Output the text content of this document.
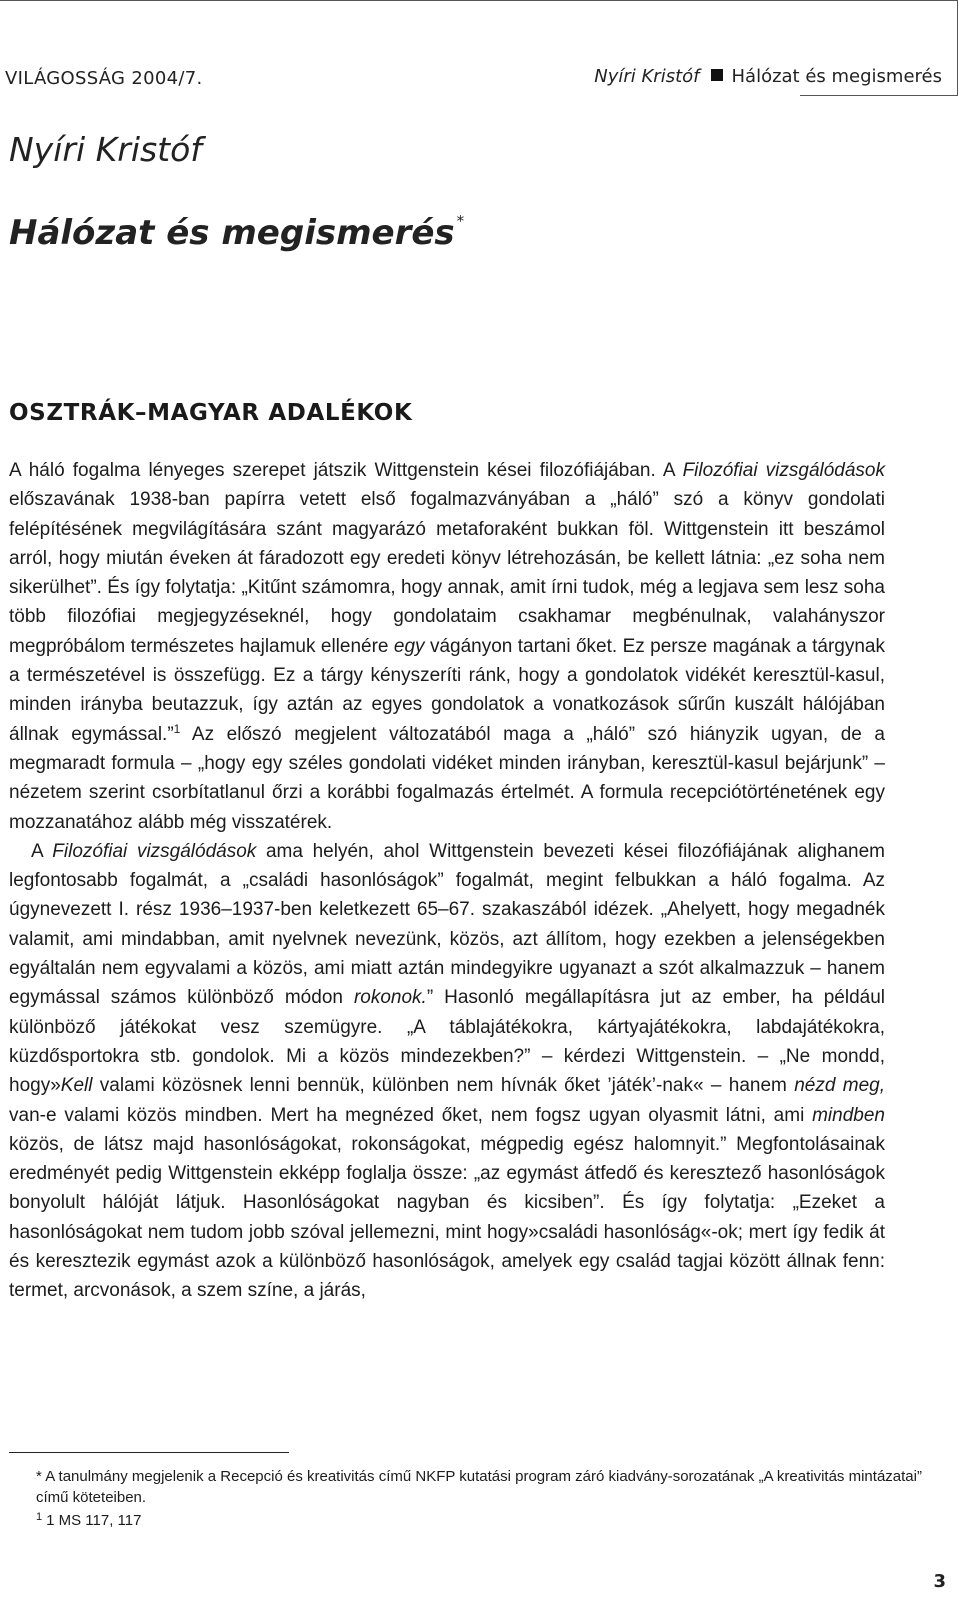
VILÁGOSSÁG 2004/7.	Nyíri Kristóf Hálózat és megismerés
Nyíri Kristóf
Hálózat és megismerés *
OSZTRÁK–MAGYAR ADALÉKOK

A háló fogalma lényeges szerepet játszik Wittgenstein kései filozófiájában. A Filozófiai vizsgálódások előszavának 1938-ban papírra vetett első fogalmazványában a „háló” szó a könyv gondolati felépítésének megvilágítására szánt magyarázó metaforaként bukkan föl. Wittgenstein itt beszámol arról, hogy miután éveken át fáradozott egy eredeti könyv létrehozásán, be kellett látnia: „ez soha nem sikerülhet”. És így folytatja: „Kitűnt számomra, hogy annak, amit írni tudok, még a legjava sem lesz soha több filozófiai megjegyzéseknél, hogy gondolataim csakhamar megbénulnak, valahányszor megpróbálom természetes hajlamuk ellenére egy vágányon tartani őket. Ez persze magának a tárgynak a természetével is összefügg. Ez a tárgy kényszeríti ránk, hogy a gondolatok vidékét keresztül-kasul, minden irányba beutazzuk, így aztán az egyes gondolatok a vonatkozások sűrűn kuszált hálójában állnak egymással.”$^1$ Az előszó megjelent változatából maga a „háló” szó hiányzik ugyan, de a megmaradt formula – „hogy egy széles gondolati vidéket minden irányban, keresztül-kasul bejárjunk” – nézetem szerint csorbítatlanul őrzi a korábbi fogalmazás értelmét. A formula recepciótörténetének egy mozzanatához alább még visszatérek.

A Filozófiai vizsgálódások ama helyén, ahol Wittgenstein bevezeti kései filozófiájának alighanem legfontosabb fogalmát, a „családi hasonlóságok” fogalmát, megint felbukkan a háló fogalma. Az úgynevezett I. rész 1936–1937-ben keletkezett 65–67. szakaszából idézek. „Ahelyett, hogy megadnék valamit, ami mindabban, amit nyelvnek nevezünk, közös, azt állítom, hogy ezekben a jelenségekben egyáltalán nem egyvalami a közös, ami miatt aztán mindegyikre ugyanazt a szót alkalmazzuk – hanem egymással számos különböző módon rokonok.” Hasonló megállapításra jut az ember, ha például különböző játékokat vesz szemügyre. „A táblajátékokra, kártyajátékokra, labdajátékokra, küzdősportokra stb. gondolok. Mi a közös mindezekben?” – kérdezi Wittgenstein. – „Ne mondd, hogy»Kell valami közösnek lenni bennük, különben nem hívnák őket ’játék’-nak« – hanem nézd meg, van-e valami közös mindben. Mert ha megnézed őket, nem fogsz ugyan olyasmit látni, ami mindben közös, de látsz majd hasonlóságokat, rokonságokat, mégpedig egész halomnyit.” Megfontolásainak eredményét pedig Wittgenstein ekképp foglalja össze: „az egymást átfedő és keresztező hasonlóságok bonyolult hálóját látjuk. Hasonlóságokat nagyban és kicsiben”. És így folytatja: „Ezeket a hasonlóságokat nem tudom jobb szóval jellemezni, mint hogy»családi hasonlóság«-ok; mert így fedik át és keresztezik egymást azok a különböző hasonlóságok, amelyek egy család tagjai között állnak fenn: termet, arcvonások, a szem színe, a járás,

* A tanulmány megjelenik a Recepció és kreativitás című NKFP kutatási program záró kiadvány-sorozatának „A kreativitás mintázatai” című köteteiben.

$^1$ 1 MS 117, 117

3
